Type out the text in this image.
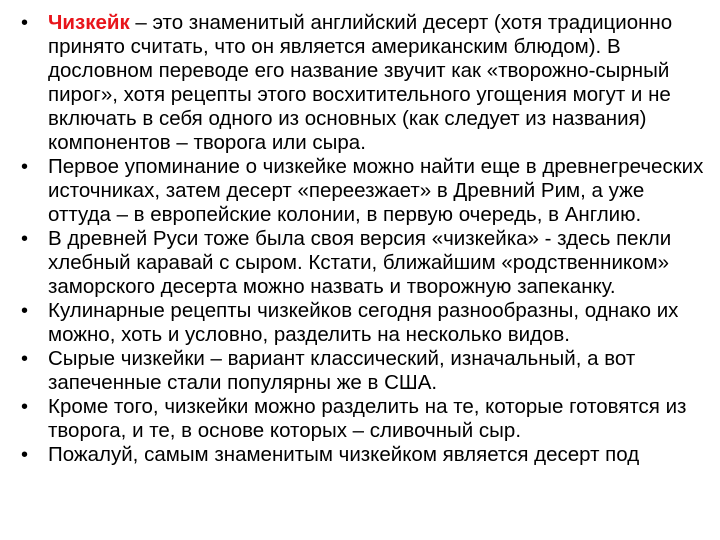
• Чизкейк – это знаменитый английский десерт (хотя традиционно принято считать, что он является американским блюдом). В дословном переводе его название звучит как «творожно-сырный пирог», хотя рецепты этого восхитительного угощения могут и не включать в себя одного из основных (как следует из названия) компонентов – творога или сыра.
• Первое упоминание о чизкейке можно найти еще в древнегреческих источниках, затем десерт «переезжает» в Древний Рим, а уже оттуда – в европейские колонии, в первую очередь, в Англию.
• В древней Руси тоже была своя версия «чизкейка» - здесь пекли хлебный каравай с сыром. Кстати, ближайшим «родственником» заморского десерта можно назвать и творожную запеканку.
• Кулинарные рецепты чизкейков сегодня разнообразны, однако их можно, хоть и условно, разделить на несколько видов.
• Сырые чизкейки – вариант классический, изначальный, а вот запеченные стали популярны же в США.
• Кроме того, чизкейки можно разделить на те, которые готовятся из творога, и те, в основе которых – сливочный сыр.
• Пожалуй, самым знаменитым чизкейком является десерт под
